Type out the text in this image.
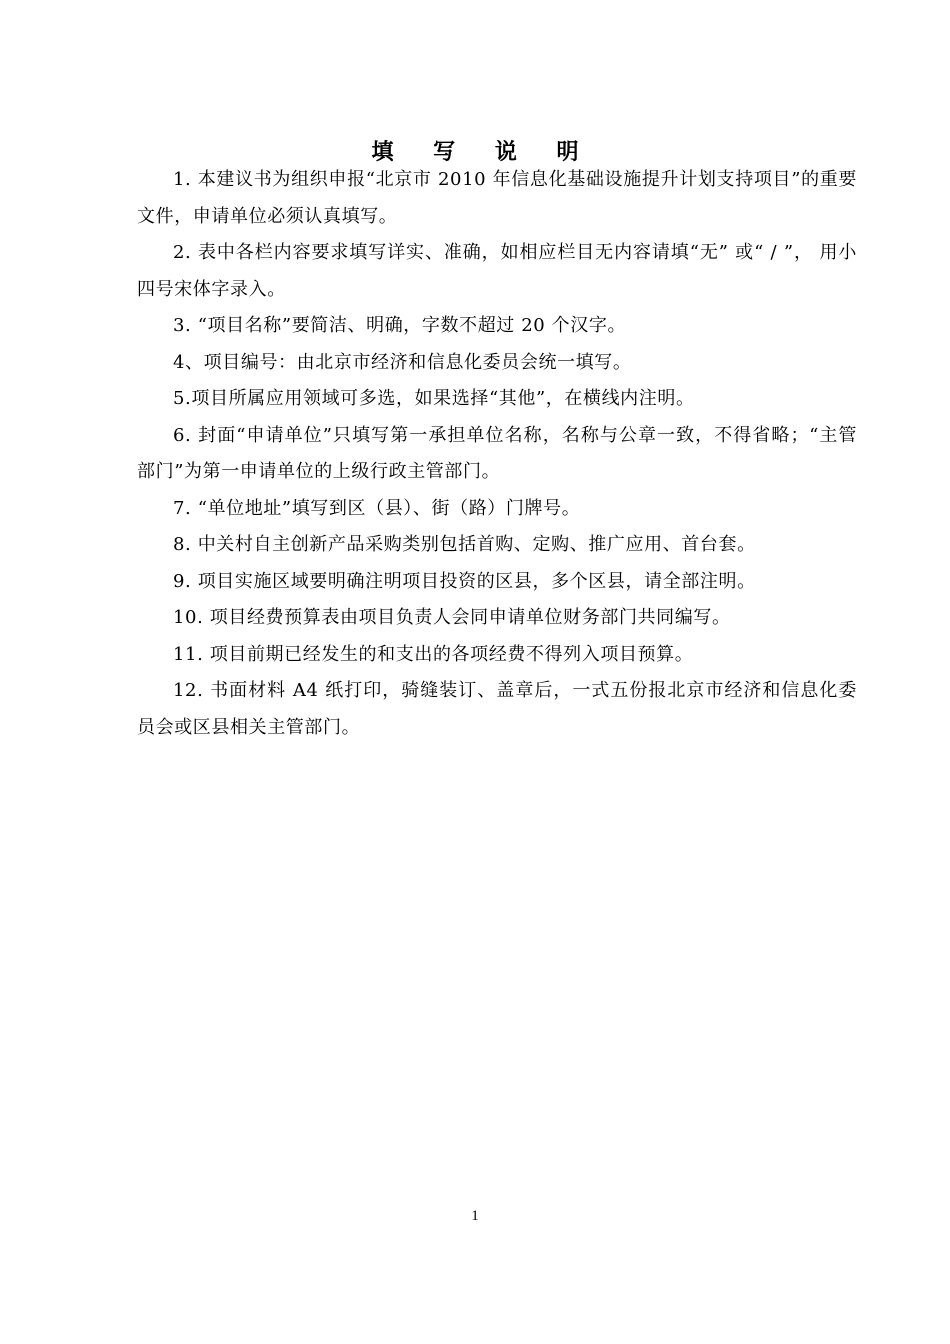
填 写 说 明

1. 本建议书为组织申报“北京市 2010 年信息化基础设施提升计划支持项目”的重要文件，申请单位必须认真填写。

2. 表中各栏内容要求填写详实、准确，如相应栏目无内容请填“无” 或“ / ”， 用小四号宋体字录入。

3. “项目名称”要简洁、明确，字数不超过 20 个汉字。

4、项目编号：由北京市经济和信息化委员会统一填写。

5.项目所属应用领域可多选，如果选择“其他”，在横线内注明。

6. 封面“申请单位”只填写第一承担单位名称，名称与公章一致，不得省略；“主管部门”为第一申请单位的上级行政主管部门。

7. “单位地址”填写到区（县）、街（路）门牌号。

8. 中关村自主创新产品采购类别包括首购、定购、推广应用、首台套。

9. 项目实施区域要明确注明项目投资的区县，多个区县，请全部注明。

10. 项目经费预算表由项目负责人会同申请单位财务部门共同编写。

11. 项目前期已经发生的和支出的各项经费不得列入项目预算。

12. 书面材料 A4 纸打印，骑缝装订、盖章后，一式五份报北京市经济和信息化委员会或区县相关主管部门。

1
